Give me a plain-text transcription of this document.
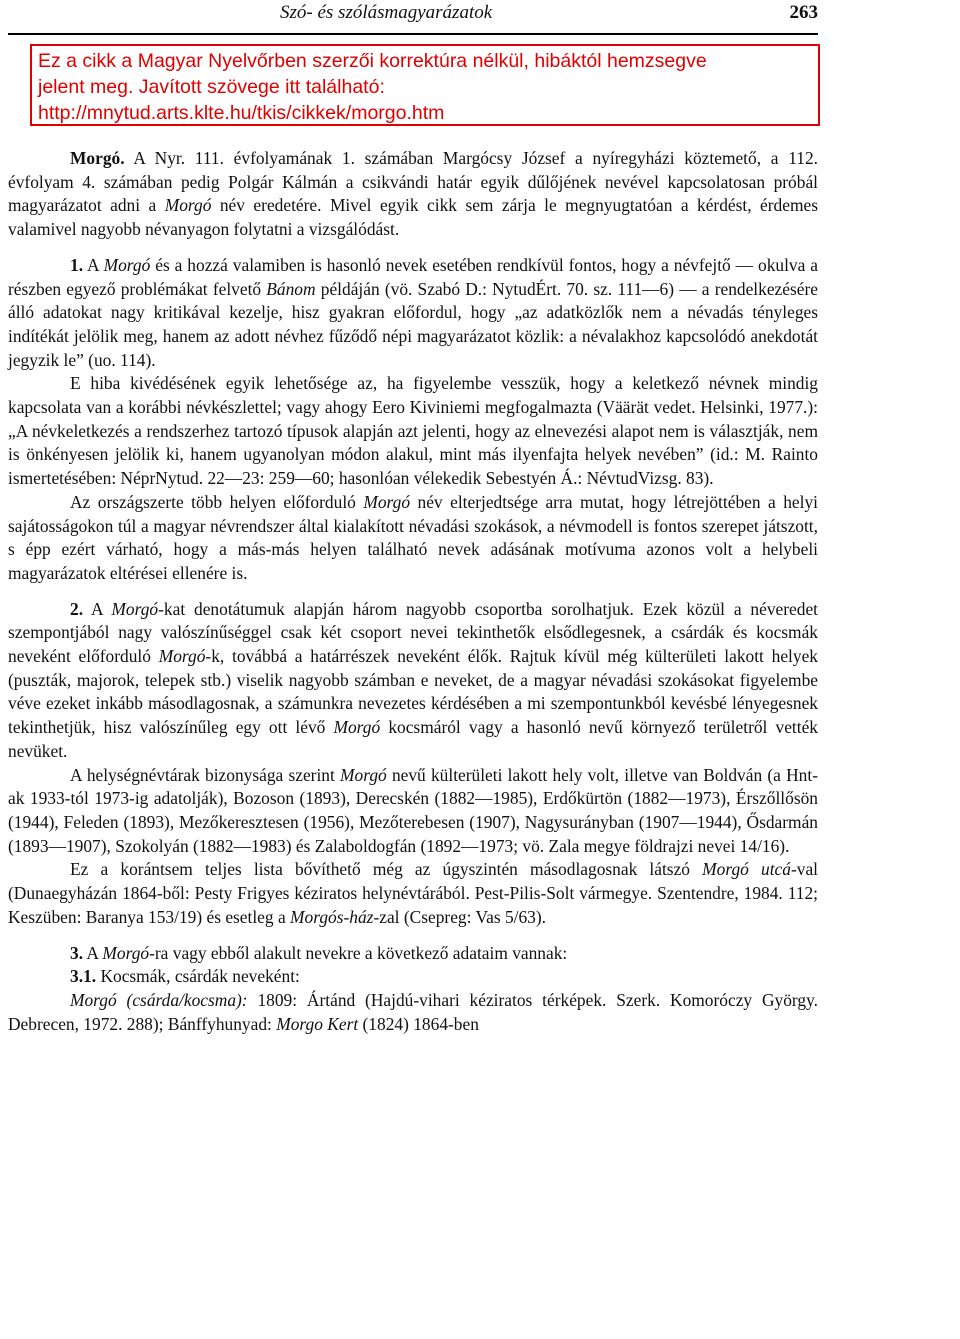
Szó- és szólásmagyarázatok	263
Ez a cikk a Magyar Nyelvőrben szerzői korrektúra nélkül, hibáktól hemzsegve
jelent meg. Javított szövege itt található:
http://mnytud.arts.klte.hu/tkis/cikkek/morgo.htm

Morgó. A Nyr. 111. évfolyamának 1. számában Margócsy József a nyíregyházi köztemető, a 112. évfolyam 4. számában pedig Polgár Kálmán a csikvándi határ egyik dűlőjének nevével kapcsolatosan próbál magyarázatot adni a Morgó név eredetére. Mivel egyik cikk sem zárja le megnyugtatóan a kérdést, érdemes valamivel nagyobb névanyagon folytatni a vizsgálódást.

1. A Morgó és a hozzá valamiben is hasonló nevek esetében rendkívül fontos, hogy a névfejtő — okulva a részben egyező problémákat felvető Bánom példáján (vö. Szabó D.: NytudÉrt. 70. sz. 111—6) — a rendelkezésére álló adatokat nagy kritikával kezelje, hisz gyakran előfordul, hogy „az adatközlők nem a névadás tényleges indítékát jelölik meg, hanem az adott névhez fűződő népi magyarázatot közlik: a névalakhoz kapcsolódó anekdotát jegyzik le” (uo. 114).

E hiba kivédésének egyik lehetősége az, ha figyelembe vesszük, hogy a keletkező névnek mindig kapcsolata van a korábbi névkészlettel; vagy ahogy Eero Kiviniemi megfogalmazta (Väärät vedet. Helsinki, 1977.): „A névkeletkezés a rendszerhez tartozó típusok alapján azt jelenti, hogy az elnevezési alapot nem is választják, nem is önkényesen jelölik ki, hanem ugyanolyan módon alakul, mint más ilyenfajta helyek nevében” (id.: M. Rainto ismertetésében: NéprNytud. 22—23: 259—60; hasonlóan vélekedik Sebestyén Á.: NévtudVizsg. 83).

Az országszerte több helyen előforduló Morgó név elterjedtsége arra mutat, hogy létrejöttében a helyi sajátosságokon túl a magyar névrendszer által kialakított névadási szokások, a névmodell is fontos szerepet játszott, s épp ezért várható, hogy a más-más helyen található nevek adásának motívuma azonos volt a helybeli magyarázatok eltérései ellenére is.

2. A Morgó-kat denotátumuk alapján három nagyobb csoportba sorolhatjuk. Ezek közül a néveredet szempontjából nagy valószínűséggel csak két csoport nevei tekinthetők elsődlegesnek, a csárdák és kocsmák neveként előforduló Morgó-k, továbbá a határrészek neveként élők. Rajtuk kívül még külterületi lakott helyek (puszták, majorok, telepek stb.) viselik nagyobb számban e neveket, de a magyar névadási szokásokat figyelembe véve ezeket inkább másodlagosnak, a számunkra nevezetes kérdésében a mi szempontunkból kevésbé lényegesnek tekinthetjük, hisz valószínűleg egy ott lévő Morgó kocsmáról vagy a hasonló nevű környező területről vették nevüket.

A helységnévtárak bizonysága szerint Morgó nevű külterületi lakott hely volt, illetve van Boldván (a Hnt-ak 1933-tól 1973-ig adatolják), Bozoson (1893), Derecskén (1882—1985), Erdőkürtön (1882—1973), Érszőllősön (1944), Feleden (1893), Mezőkeresztesen (1956), Mezőterebesen (1907), Nagysurányban (1907—1944), Ősdarmán (1893—1907), Szokolyán (1882—1983) és Zalaboldogfán (1892—1973; vö. Zala megye földrajzi nevei 14/16).

Ez a korántsem teljes lista bővíthető még az úgyszintén másodlagosnak látszó Morgó utcá-val (Dunaegyházán 1864-ből: Pesty Frigyes kéziratos helynévtárából. Pest-Pilis-Solt vármegye. Szentendre, 1984. 112; Keszüben: Baranya 153/19) és esetleg a Morgós-ház-zal (Csepreg: Vas 5/63).

3. A Morgó-ra vagy ebből alakult nevekre a következő adataim vannak:

3.1. Kocsmák, csárdák neveként:

Morgó (csárda/kocsma): 1809: Ártánd (Hajdú-vihari kéziratos térképek. Szerk. Komoróczy György. Debrecen, 1972. 288); Bánffyhunyad: Morgo Kert (1824) 1864-ben
